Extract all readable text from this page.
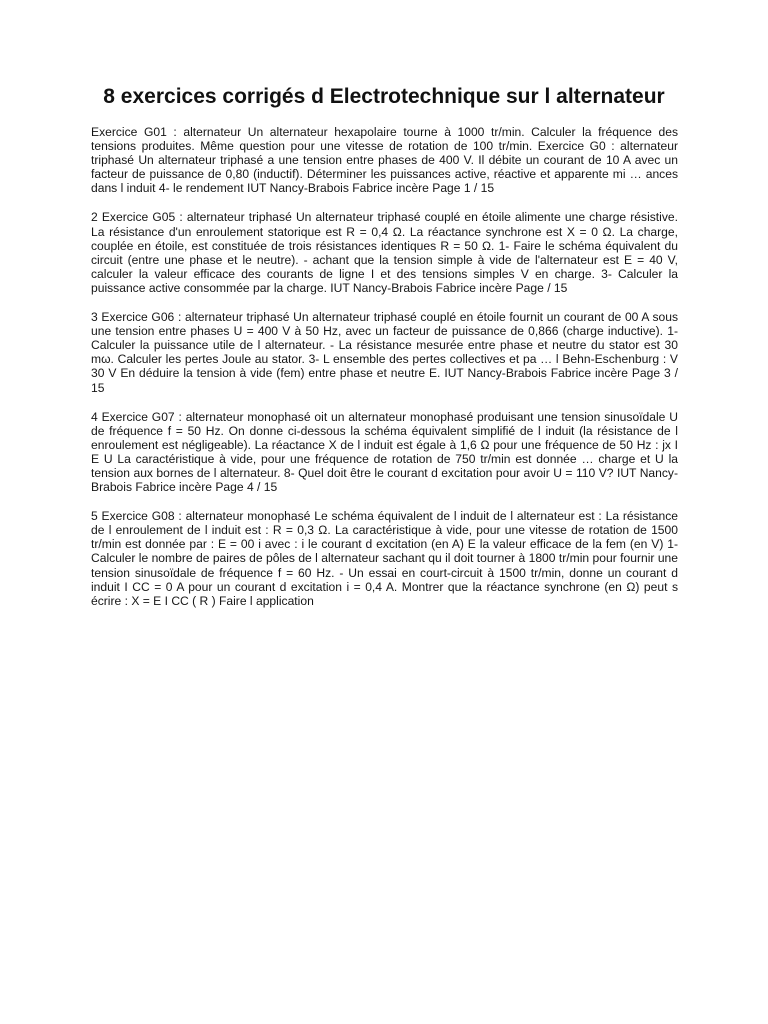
8 exercices corrigés d Electrotechnique sur l alternateur

Exercice G01 : alternateur Un alternateur hexapolaire tourne à 1000 tr/min. Calculer la fréquence des tensions produites. Même question pour une vitesse de rotation de 100 tr/min. Exercice G0 : alternateur triphasé Un alternateur triphasé a une tension entre phases de 400 V. Il débite un courant de 10 A avec un facteur de puissance de 0,80 (inductif). Déterminer les puissances active, réactive et apparente mi … ances dans l induit 4- le rendement IUT Nancy-Brabois Fabrice incère Page 1 / 15

2 Exercice G05 : alternateur triphasé Un alternateur triphasé couplé en étoile alimente une charge résistive. La résistance d'un enroulement statorique est R = 0,4 Ω. La réactance synchrone est X = 0 Ω. La charge, couplée en étoile, est constituée de trois résistances identiques R = 50 Ω. 1- Faire le schéma équivalent du circuit (entre une phase et le neutre). - achant que la tension simple à vide de l'alternateur est E = 40 V, calculer la valeur efficace des courants de ligne I et des tensions simples V en charge. 3- Calculer la puissance active consommée par la charge. IUT Nancy-Brabois Fabrice incère Page / 15

3 Exercice G06 : alternateur triphasé Un alternateur triphasé couplé en étoile fournit un courant de 00 A sous une tension entre phases U = 400 V à 50 Hz, avec un facteur de puissance de 0,866 (charge inductive). 1- Calculer la puissance utile de l alternateur. - La résistance mesurée entre phase et neutre du stator est 30 mω. Calculer les pertes Joule au stator. 3- L ensemble des pertes collectives et pa … l Behn-Eschenburg : V 30 V En déduire la tension à vide (fem) entre phase et neutre E. IUT Nancy-Brabois Fabrice incère Page 3 / 15

4 Exercice G07 : alternateur monophasé oit un alternateur monophasé produisant une tension sinusoïdale U de fréquence f = 50 Hz. On donne ci-dessous la schéma équivalent simplifié de l induit (la résistance de l enroulement est négligeable). La réactance X de l induit est égale à 1,6 Ω pour une fréquence de 50 Hz : jx I E U La caractéristique à vide, pour une fréquence de rotation de 750 tr/min est donnée … charge et U la tension aux bornes de l alternateur. 8- Quel doit être le courant d excitation pour avoir U = 110 V? IUT Nancy-Brabois Fabrice incère Page 4 / 15

5 Exercice G08 : alternateur monophasé Le schéma équivalent de l induit de l alternateur est : La résistance de l enroulement de l induit est : R = 0,3 Ω. La caractéristique à vide, pour une vitesse de rotation de 1500 tr/min est donnée par : E = 00 i avec : i le courant d excitation (en A) E la valeur efficace de la fem (en V) 1- Calculer le nombre de paires de pôles de l alternateur sachant qu il doit tourner à 1800 tr/min pour fournir une tension sinusoïdale de fréquence f = 60 Hz. - Un essai en court-circuit à 1500 tr/min, donne un courant d induit I CC = 0 A pour un courant d excitation i = 0,4 A. Montrer que la réactance synchrone (en Ω) peut s écrire : X = E I CC ( R ) Faire l application
